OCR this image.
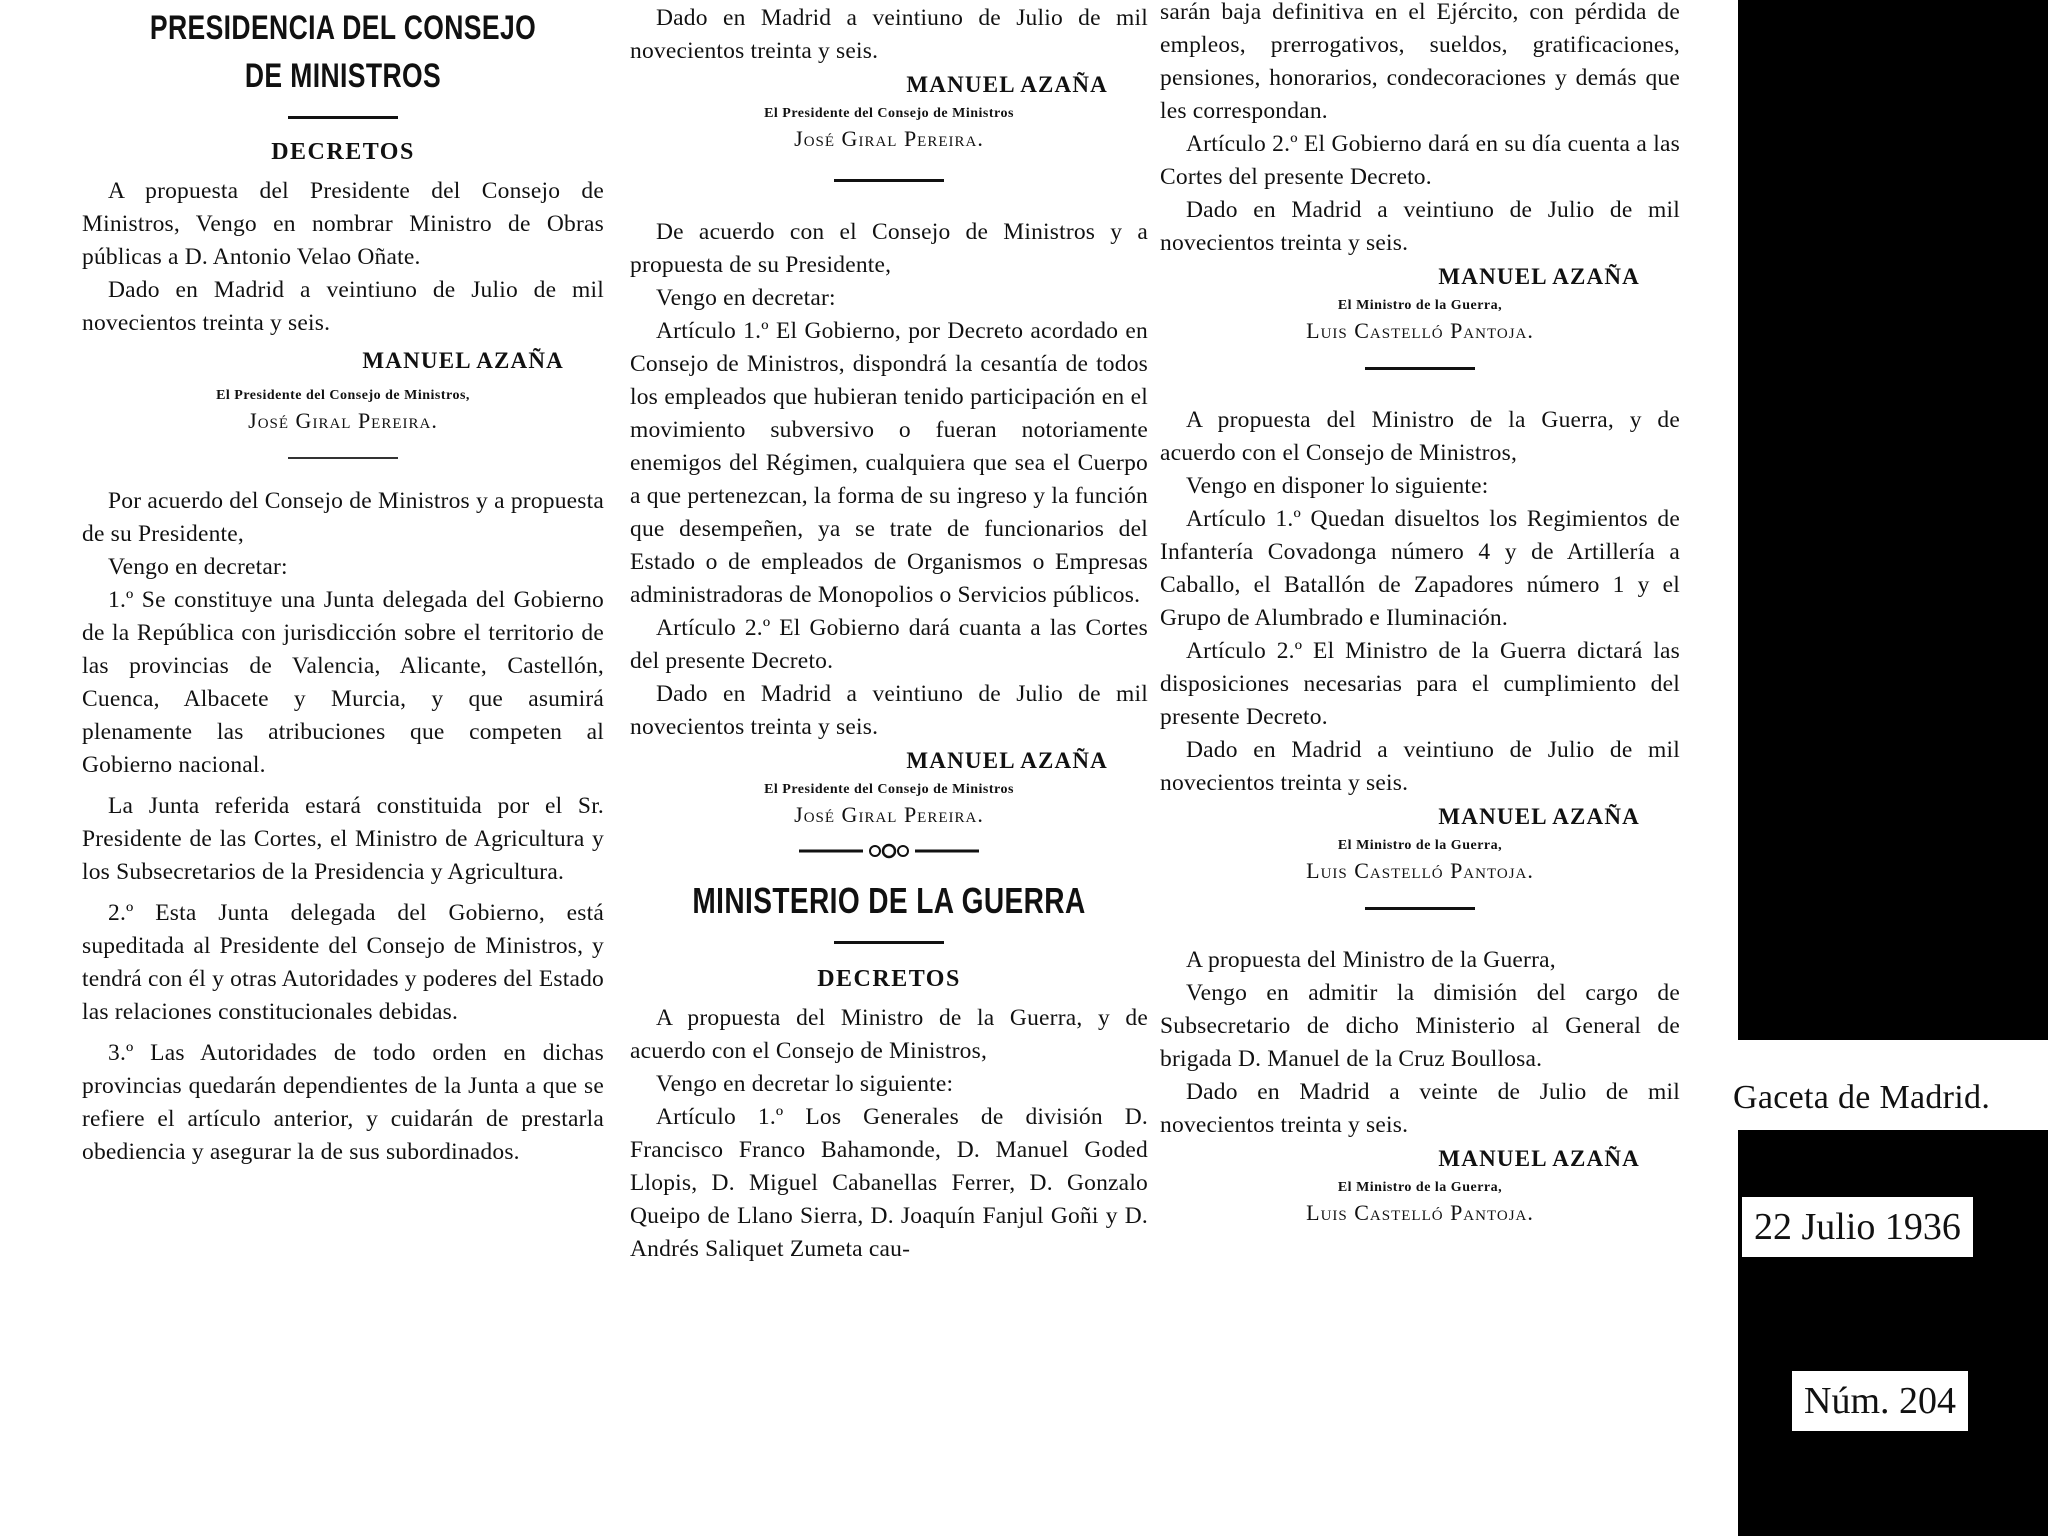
PRESIDENCIA DEL CONSEJO

DE MINISTROS

DECRETOS

A propuesta del Presidente del Consejo de Ministros, Vengo en nombrar Ministro de Obras públicas a D. Antonio Velao Oñate.

Dado en Madrid a veintiuno de Julio de mil novecientos treinta y seis.

MANUEL AZAÑA

El Presidente del Consejo de Ministros,

José Giral Pereira.

Por acuerdo del Consejo de Ministros y a propuesta de su Presidente,

Vengo en decretar:

1.º Se constituye una Junta delegada del Gobierno de la República con jurisdicción sobre el territorio de las provincias de Valencia, Alicante, Castellón, Cuenca, Albacete y Murcia, y que asumirá plenamente las atribuciones que competen al Gobierno nacional.

La Junta referida estará constituida por el Sr. Presidente de las Cortes, el Ministro de Agricultura y los Subsecretarios de la Presidencia y Agricultura.

2.º Esta Junta delegada del Gobierno, está supeditada al Presidente del Consejo de Ministros, y tendrá con él y otras Autoridades y poderes del Estado las relaciones constitucionales debidas.

3.º Las Autoridades de todo orden en dichas provincias quedarán dependientes de la Junta a que se refiere el artículo anterior, y cuidarán de prestarla obediencia y asegurar la de sus subordinados.

Dado en Madrid a veintiuno de Julio de mil novecientos treinta y seis.

MANUEL AZAÑA

El Presidente del Consejo de Ministros

José Giral Pereira.

De acuerdo con el Consejo de Ministros y a propuesta de su Presidente,

Vengo en decretar:

Artículo 1.º El Gobierno, por Decreto acordado en Consejo de Ministros, dispondrá la cesantía de todos los empleados que hubieran tenido participación en el movimiento subversivo o fueran notoriamente enemigos del Régimen, cualquiera que sea el Cuerpo a que pertenezcan, la forma de su ingreso y la función que desempeñen, ya se trate de funcionarios del Estado o de empleados de Organismos o Empresas administradoras de Monopolios o Servicios públicos.

Artículo 2.º El Gobierno dará cuanta a las Cortes del presente Decreto.

Dado en Madrid a veintiuno de Julio de mil novecientos treinta y seis.

MANUEL AZAÑA

El Presidente del Consejo de Ministros

José Giral Pereira.

MINISTERIO DE LA GUERRA

DECRETOS

A propuesta del Ministro de la Guerra, y de acuerdo con el Consejo de Ministros,

Vengo en decretar lo siguiente:

Artículo 1.º Los Generales de división D. Francisco Franco Bahamonde, D. Manuel Goded Llopis, D. Miguel Cabanellas Ferrer, D. Gonzalo Queipo de Llano Sierra, D. Joaquín Fanjul Goñi y D. Andrés Saliquet Zumeta cau-

sarán baja definitiva en el Ejército, con pérdida de empleos, prerrogativos, sueldos, gratificaciones, pensiones, honorarios, condecoraciones y demás que les correspondan.

Artículo 2.º El Gobierno dará en su día cuenta a las Cortes del presente Decreto.

Dado en Madrid a veintiuno de Julio de mil novecientos treinta y seis.

MANUEL AZAÑA

El Ministro de la Guerra,

Luis Castelló Pantoja.

A propuesta del Ministro de la Guerra, y de acuerdo con el Consejo de Ministros,

Vengo en disponer lo siguiente:

Artículo 1.º Quedan disueltos los Regimientos de Infantería Covadonga número 4 y de Artillería a Caballo, el Batallón de Zapadores número 1 y el Grupo de Alumbrado e Iluminación.

Artículo 2.º El Ministro de la Guerra dictará las disposiciones necesarias para el cumplimiento del presente Decreto.

Dado en Madrid a veintiuno de Julio de mil novecientos treinta y seis.

MANUEL AZAÑA

El Ministro de la Guerra,

Luis Castelló Pantoja.

A propuesta del Ministro de la Guerra,

Vengo en admitir la dimisión del cargo de Subsecretario de dicho Ministerio al General de brigada D. Manuel de la Cruz Boullosa.

Dado en Madrid a veinte de Julio de mil novecientos treinta y seis.

MANUEL AZAÑA

El Ministro de la Guerra,

Luis Castelló Pantoja.

Gaceta de Madrid.
22 Julio 1936
Núm. 204
